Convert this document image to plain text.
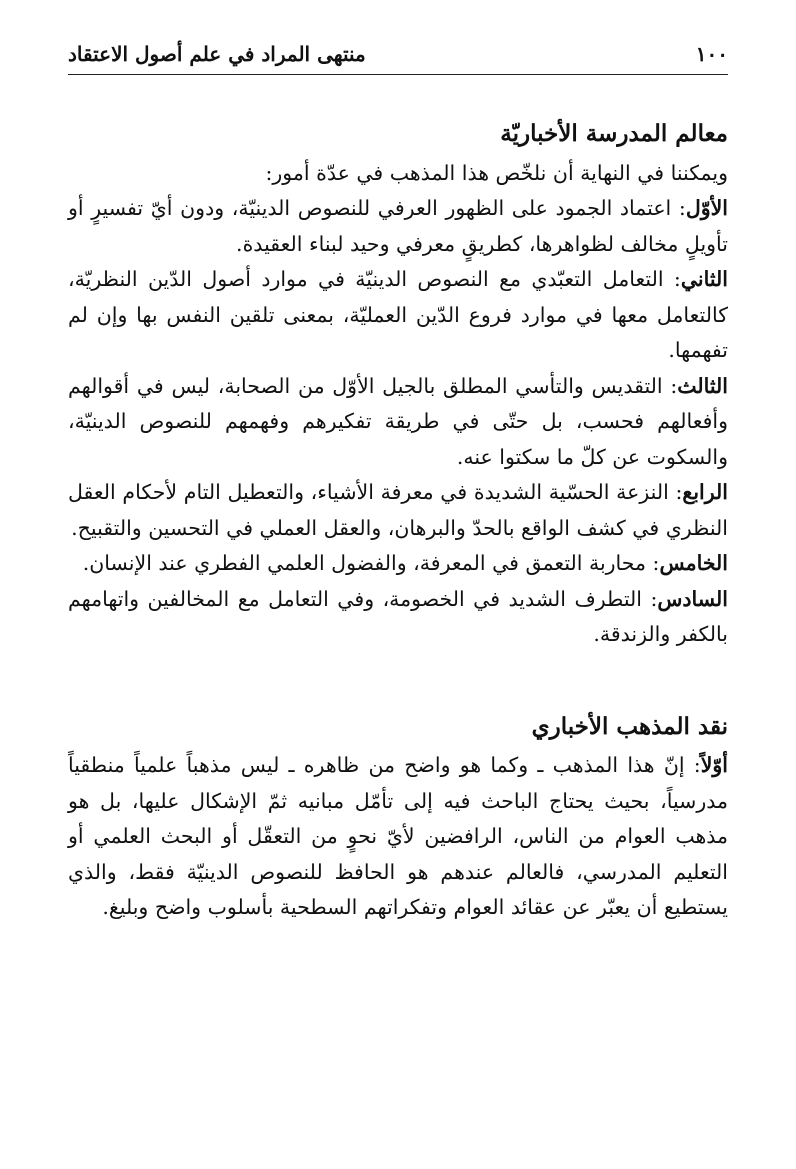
١٠٠
منتهى المراد في علم أصول الاعتقاد
معالم المدرسة الأخباريّة

ويمكننا في النهاية أن نلخّص هذا المذهب في عدّة أمور:

الأوّل: اعتماد الجمود على الظهور العرفي للنصوص الدينيّة، ودون أيّ تفسيرٍ أو تأويلٍ مخالف لظواهرها، كطريقٍ معرفي وحيد لبناء العقيدة.

الثاني: التعامل التعبّدي مع النصوص الدينيّة في موارد أصول الدّين النظريّة، كالتعامل معها في موارد فروع الدّين العمليّة، بمعنى تلقين النفس بها وإن لم تفهمها.

الثالث: التقديس والتأسي المطلق بالجيل الأوّل من الصحابة، ليس في أقوالهم وأفعالهم فحسب، بل حتّى في طريقة تفكيرهم وفهمهم للنصوص الدينيّة، والسكوت عن كلّ ما سكتوا عنه.

الرابع: النزعة الحسّية الشديدة في معرفة الأشياء، والتعطيل التام لأحكام العقل النظري في كشف الواقع بالحدّ والبرهان، والعقل العملي في التحسين والتقبيح.

الخامس: محاربة التعمق في المعرفة، والفضول العلمي الفطري عند الإنسان.

السادس: التطرف الشديد في الخصومة، وفي التعامل مع المخالفين واتهامهم بالكفر والزندقة.

نقد المذهب الأخباري

أوّلاً: إنّ هذا المذهب ـ وكما هو واضح من ظاهره ـ ليس مذهباً علمياً منطقياً مدرسياً، بحيث يحتاج الباحث فيه إلى تأمّل مبانيه ثمّ الإشكال عليها، بل هو مذهب العوام من الناس، الرافضين لأيّ نحوٍ من التعقّل أو البحث العلمي أو التعليم المدرسي، فالعالم عندهم هو الحافظ للنصوص الدينيّة فقط، والذي يستطيع أن يعبّر عن عقائد العوام وتفكراتهم السطحية بأسلوب واضح وبليغ.
